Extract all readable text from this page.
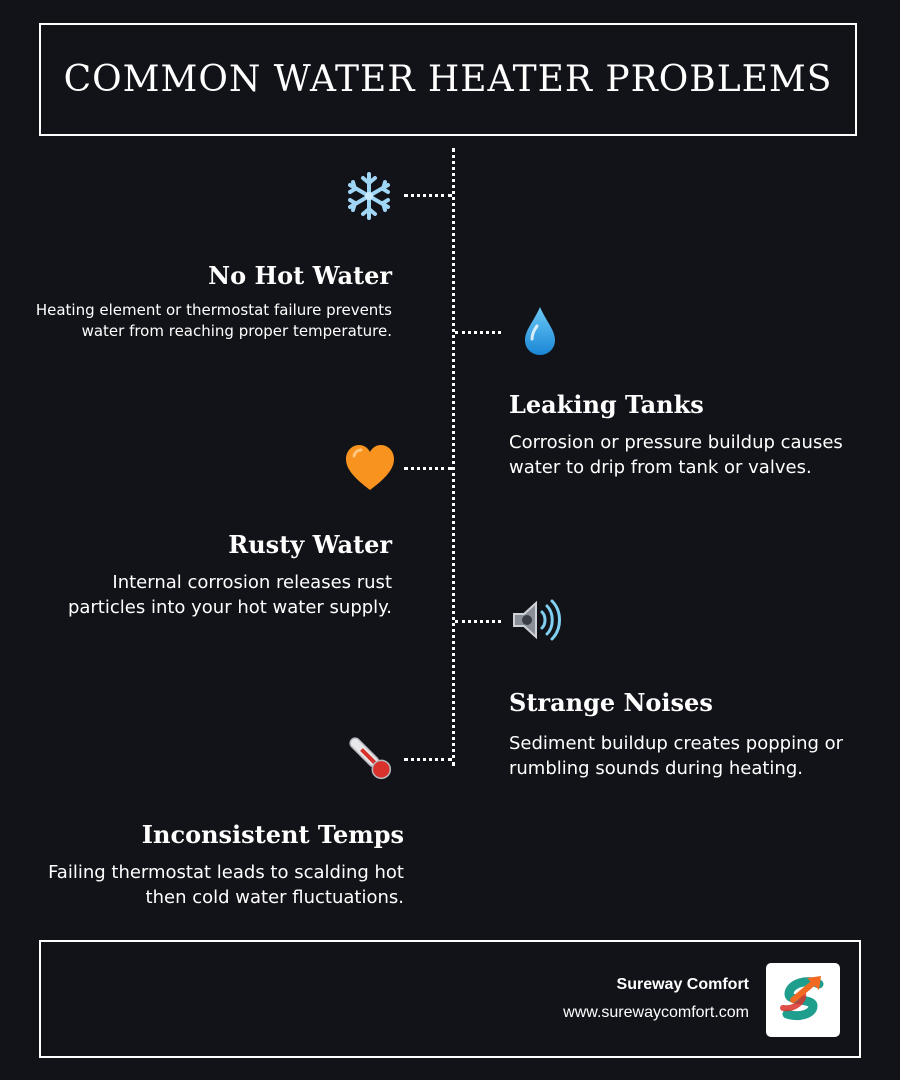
COMMON WATER HEATER PROBLEMS
No Hot Water

Heating element or thermostat failure prevents water from reaching proper temperature.

Leaking Tanks

Corrosion or pressure buildup causes water to drip from tank or valves.

Rusty Water

Internal corrosion releases rust particles into your hot water supply.

Strange Noises

Sediment buildup creates popping or rumbling sounds during heating.

Inconsistent Temps

Failing thermostat leads to scalding hot then cold water fluctuations.

Sureway Comfort
www.surewaycomfort.com
